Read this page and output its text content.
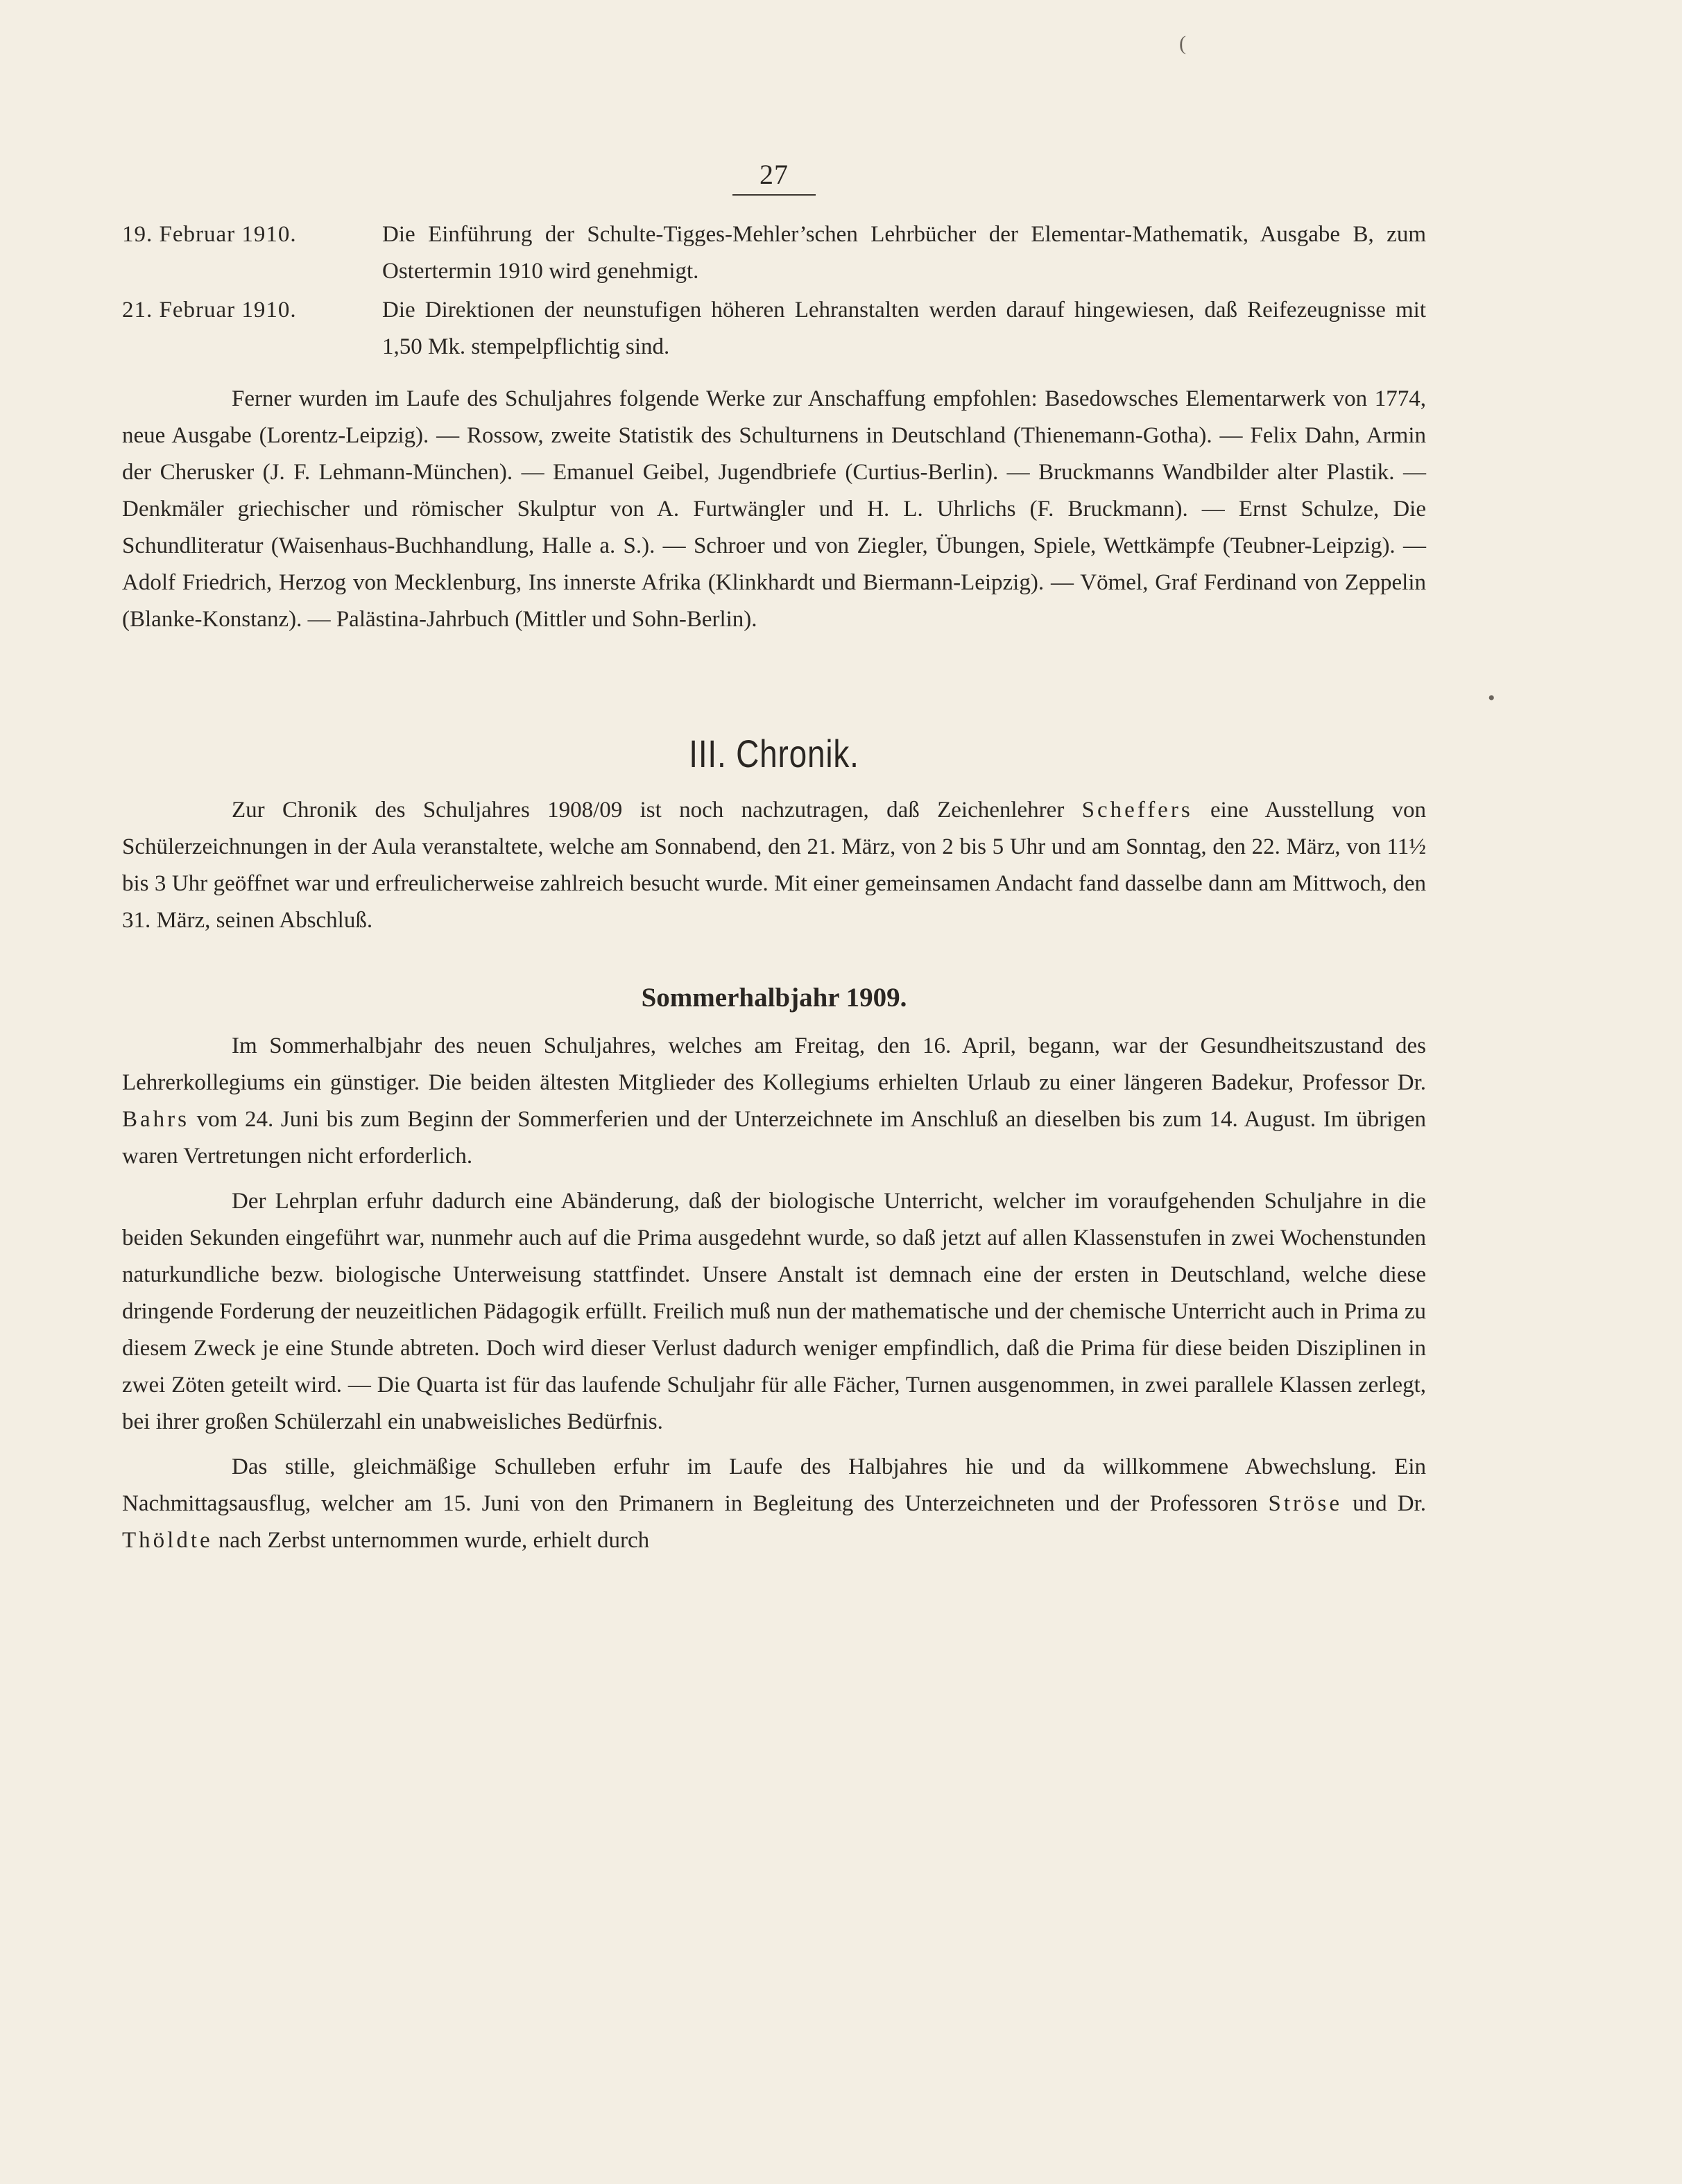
(
•
27
19. Februar 1910.	Die Einführung der Schulte-Tigges-Mehler’schen Lehrbücher der Elementar-Mathematik, Ausgabe B, zum Ostertermin 1910 wird genehmigt.
21. Februar 1910.	Die Direktionen der neunstufigen höheren Lehranstalten werden darauf hingewiesen, daß Reifezeugnisse mit 1,50 Mk. stempelpflichtig sind.

Ferner wurden im Laufe des Schuljahres folgende Werke zur Anschaffung empfohlen: Basedowsches Elementarwerk von 1774, neue Ausgabe (Lorentz-Leipzig). — Rossow, zweite Statistik des Schulturnens in Deutschland (Thienemann-Gotha). — Felix Dahn, Armin der Cherusker (J. F. Lehmann-München). — Emanuel Geibel, Jugendbriefe (Curtius-Berlin). — Bruckmanns Wandbilder alter Plastik. — Denkmäler griechischer und römischer Skulptur von A. Furtwängler und H. L. Uhrlichs (F. Bruckmann). — Ernst Schulze, Die Schundliteratur (Waisenhaus-Buchhandlung, Halle a. S.). — Schroer und von Ziegler, Übungen, Spiele, Wettkämpfe (Teubner-Leipzig). — Adolf Friedrich, Herzog von Mecklenburg, Ins innerste Afrika (Klinkhardt und Biermann-Leipzig). — Vömel, Graf Ferdinand von Zeppelin (Blanke-Konstanz). — Palästina-Jahrbuch (Mittler und Sohn-Berlin).

III. Chronik.

Zur Chronik des Schuljahres 1908/09 ist noch nachzutragen, daß Zeichenlehrer Scheffers eine Ausstellung von Schülerzeichnungen in der Aula veranstaltete, welche am Sonnabend, den 21. März, von 2 bis 5 Uhr und am Sonntag, den 22. März, von 11½ bis 3 Uhr geöffnet war und erfreulicherweise zahlreich besucht wurde. Mit einer gemeinsamen Andacht fand dasselbe dann am Mittwoch, den 31. März, seinen Abschluß.

Sommerhalbjahr 1909.

Im Sommerhalbjahr des neuen Schuljahres, welches am Freitag, den 16. April, begann, war der Gesundheitszustand des Lehrerkollegiums ein günstiger. Die beiden ältesten Mitglieder des Kollegiums erhielten Urlaub zu einer längeren Badekur, Professor Dr. Bahrs vom 24. Juni bis zum Beginn der Sommerferien und der Unterzeichnete im Anschluß an dieselben bis zum 14. August. Im übrigen waren Vertretungen nicht erforderlich.

Der Lehrplan erfuhr dadurch eine Abänderung, daß der biologische Unterricht, welcher im voraufgehenden Schuljahre in die beiden Sekunden eingeführt war, nunmehr auch auf die Prima ausgedehnt wurde, so daß jetzt auf allen Klassenstufen in zwei Wochenstunden naturkundliche bezw. biologische Unterweisung stattfindet. Unsere Anstalt ist demnach eine der ersten in Deutschland, welche diese dringende Forderung der neuzeitlichen Pädagogik erfüllt. Freilich muß nun der mathematische und der chemische Unterricht auch in Prima zu diesem Zweck je eine Stunde abtreten. Doch wird dieser Verlust dadurch weniger empfindlich, daß die Prima für diese beiden Disziplinen in zwei Zöten geteilt wird. — Die Quarta ist für das laufende Schuljahr für alle Fächer, Turnen ausgenommen, in zwei parallele Klassen zerlegt, bei ihrer großen Schülerzahl ein unabweisliches Bedürfnis.

Das stille, gleichmäßige Schulleben erfuhr im Laufe des Halbjahres hie und da willkommene Abwechslung. Ein Nachmittagsausflug, welcher am 15. Juni von den Primanern in Begleitung des Unterzeichneten und der Professoren Ströse und Dr. Thöldte nach Zerbst unternommen wurde, erhielt durch
